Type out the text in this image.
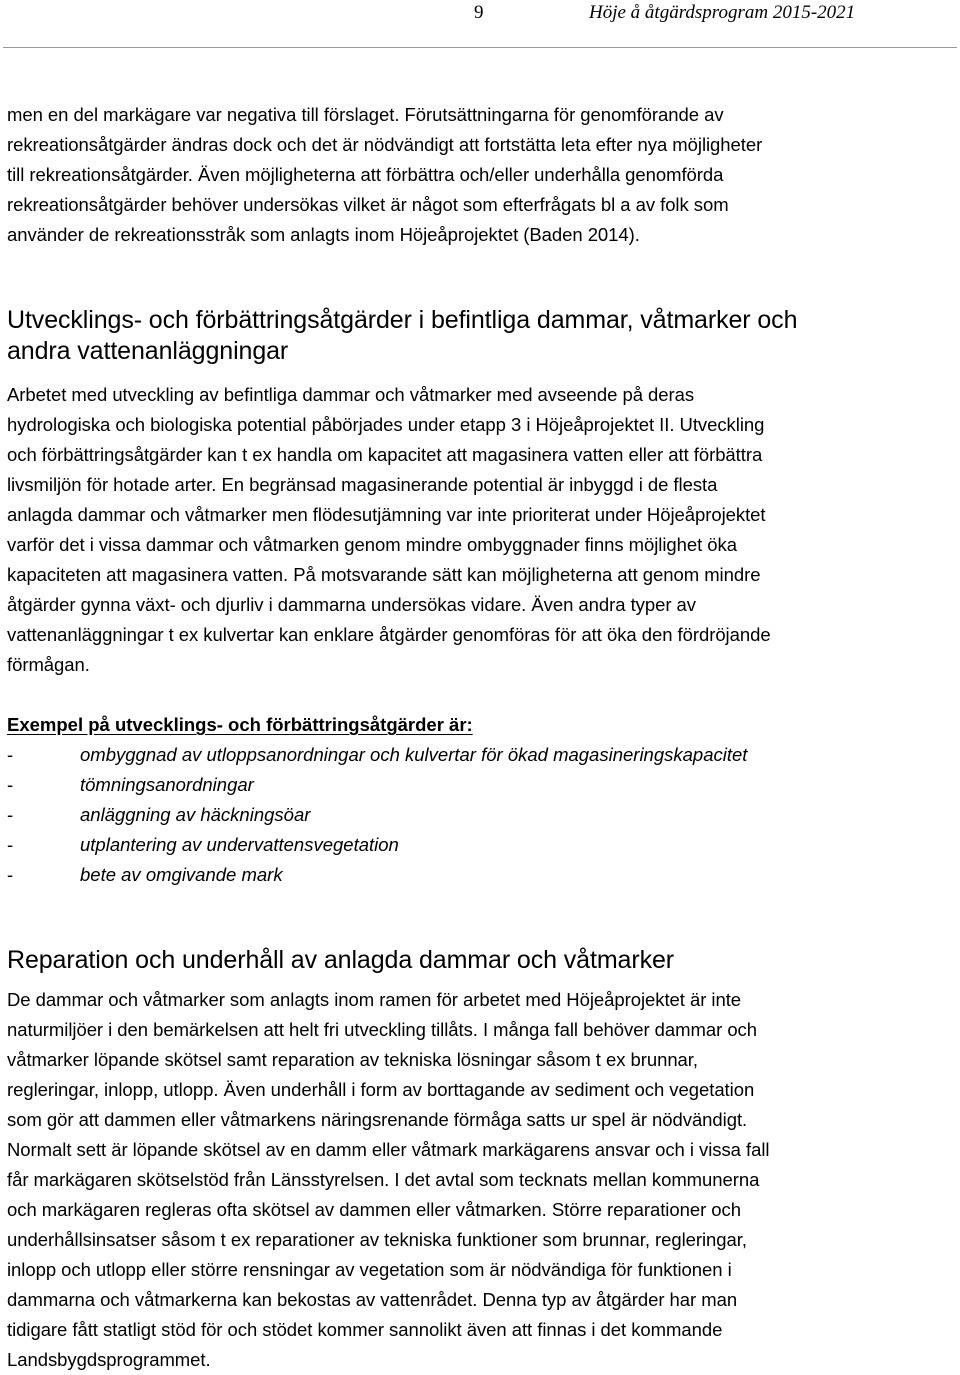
9	Höje å åtgärdsprogram 2015-2021
men en del markägare var negativa till förslaget. Förutsättningarna för genomförande av
rekreationsåtgärder ändras dock och det är nödvändigt att fortstätta leta efter nya möjligheter
till rekreationsåtgärder. Även möjligheterna att förbättra och/eller underhålla genomförda
rekreationsåtgärder behöver undersökas vilket är något som efterfrågats bl a av folk som
använder de rekreationsstråk som anlagts inom Höjeåprojektet (Baden 2014).
Utvecklings- och förbättringsåtgärder i befintliga dammar, våtmarker och
andra vattenanläggningar
Arbetet med utveckling av befintliga dammar och våtmarker med avseende på deras
hydrologiska och biologiska potential påbörjades under etapp 3 i Höjeåprojektet II. Utveckling
och förbättringsåtgärder kan t ex handla om kapacitet att magasinera vatten eller att förbättra
livsmiljön för hotade arter. En begränsad magasinerande potential är inbyggd i de flesta
anlagda dammar och våtmarker men flödesutjämning var inte prioriterat under Höjeåprojektet
varför det i vissa dammar och våtmarken genom mindre ombyggnader finns möjlighet öka
kapaciteten att magasinera vatten. På motsvarande sätt kan möjligheterna att genom mindre
åtgärder gynna växt- och djurliv i dammarna undersökas vidare. Även andra typer av
vattenanläggningar t ex kulvertar kan enklare åtgärder genomföras för att öka den fördröjande
förmågan.
Exempel på utvecklings- och förbättringsåtgärder är:
-	ombyggnad av utloppsanordningar och kulvertar för ökad magasineringskapacitet
-	tömningsanordningar
-	anläggning av häckningsöar
-	utplantering av undervattensvegetation
-	bete av omgivande mark
Reparation och underhåll av anlagda dammar och våtmarker
De dammar och våtmarker som anlagts inom ramen för arbetet med Höjeåprojektet är inte
naturmiljöer i den bemärkelsen att helt fri utveckling tillåts. I många fall behöver dammar och
våtmarker löpande skötsel samt reparation av tekniska lösningar såsom t ex brunnar,
regleringar, inlopp, utlopp. Även underhåll i form av borttagande av sediment och vegetation
som gör att dammen eller våtmarkens näringsrenande förmåga satts ur spel är nödvändigt.
Normalt sett är löpande skötsel av en damm eller våtmark markägarens ansvar och i vissa fall
får markägaren skötselstöd från Länsstyrelsen. I det avtal som tecknats mellan kommunerna
och markägaren regleras ofta skötsel av dammen eller våtmarken. Större reparationer och
underhållsinsatser såsom t ex reparationer av tekniska funktioner som brunnar, regleringar,
inlopp och utlopp eller större rensningar av vegetation som är nödvändiga för funktionen i
dammarna och våtmarkerna kan bekostas av vattenrådet. Denna typ av åtgärder har man
tidigare fått statligt stöd för och stödet kommer sannolikt även att finnas i det kommande
Landsbygdsprogrammet.
